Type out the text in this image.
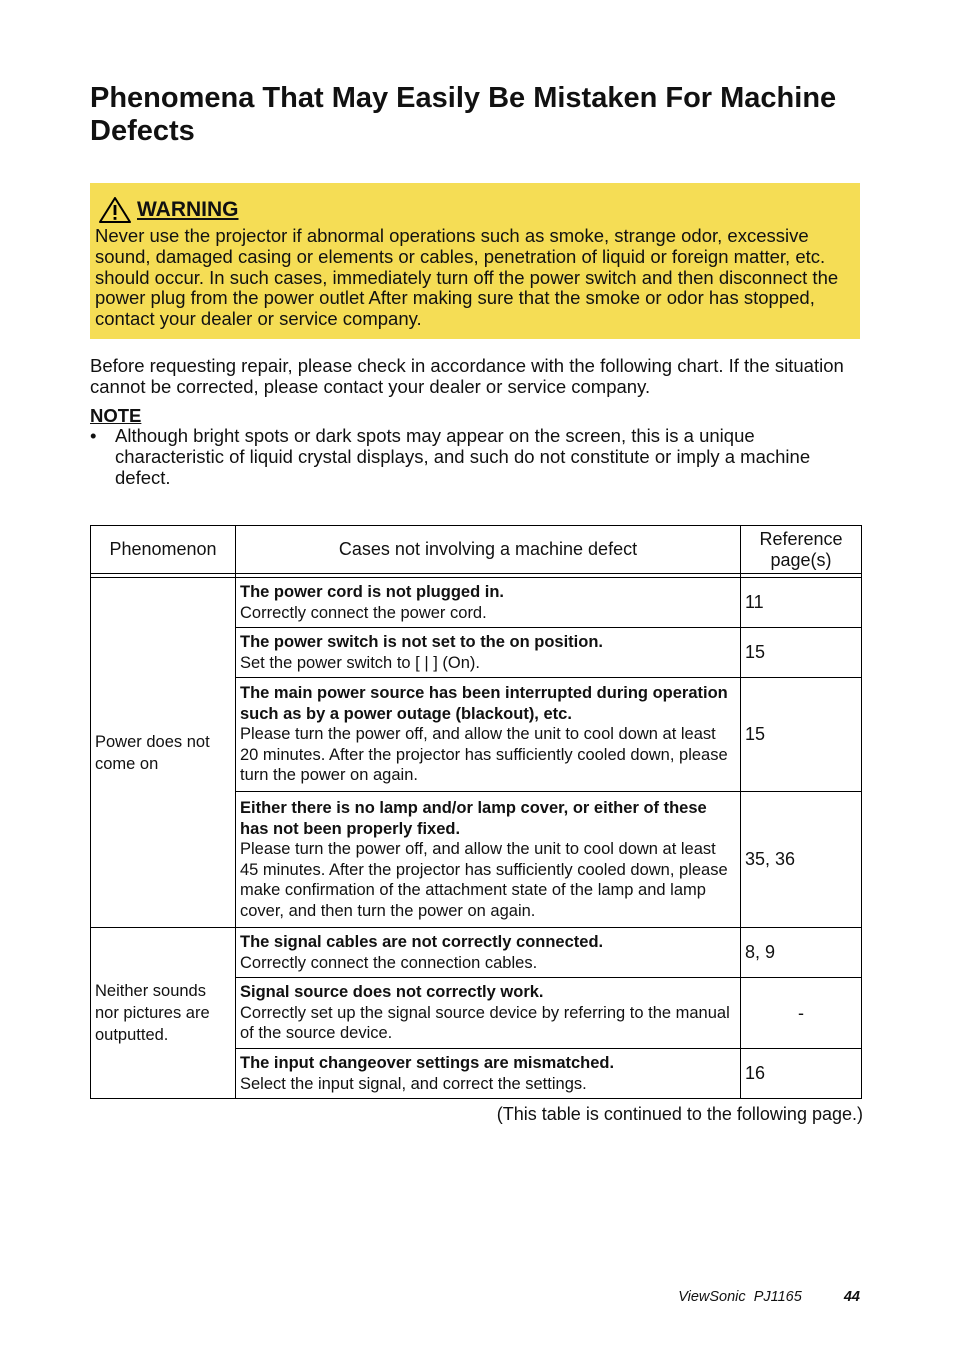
Phenomena That May Easily Be Mistaken For Machine Defects
WARNING
Never use the projector if abnormal operations such as smoke, strange odor, excessive sound, damaged casing or elements or cables, penetration of liquid or foreign matter, etc. should occur. In such cases, immediately turn off the power switch and then disconnect the power plug from the power outlet After making sure that the smoke or odor has stopped, contact your dealer or service company.
Before requesting repair, please check in accordance with the following chart. If the situation cannot be corrected, please contact your dealer or service company.
NOTE
•	Although bright spots or dark spots may appear on the screen, this is a unique characteristic of liquid crystal displays, and such do not constitute or imply a machine defect.
Phenomenon	Cases not involving a machine defect	Reference page(s)

Power does not come on	The power cord is not plugged in.
Correctly connect the power cord.	11

	The power switch is not set to the on position.
Set the power switch to [ | ] (On).	15

	The main power source has been interrupted during operation such as by a power outage (blackout), etc.
Please turn the power off, and allow the unit to cool down at least 20 minutes. After the projector has sufficiently cooled down, please turn the power on again.	15

	Either there is no lamp and/or lamp cover, or either of these has not been properly fixed.
Please turn the power off, and allow the unit to cool down at least 45 minutes. After the projector has sufficiently cooled down, please make confirmation of the attachment state of the lamp and lamp cover, and then turn the power on again.	35, 36
Neither sounds nor pictures are outputted.	The signal cables are not correctly connected.
Correctly connect the connection cables.	8, 9

	Signal source does not correctly work.
Correctly set up the signal source device by referring to the manual of the source device.	-

	The input changeover settings are mismatched.
Select the input signal, and correct the settings.	16
(This table is continued to the following page.)
ViewSonic  PJ1165	44
